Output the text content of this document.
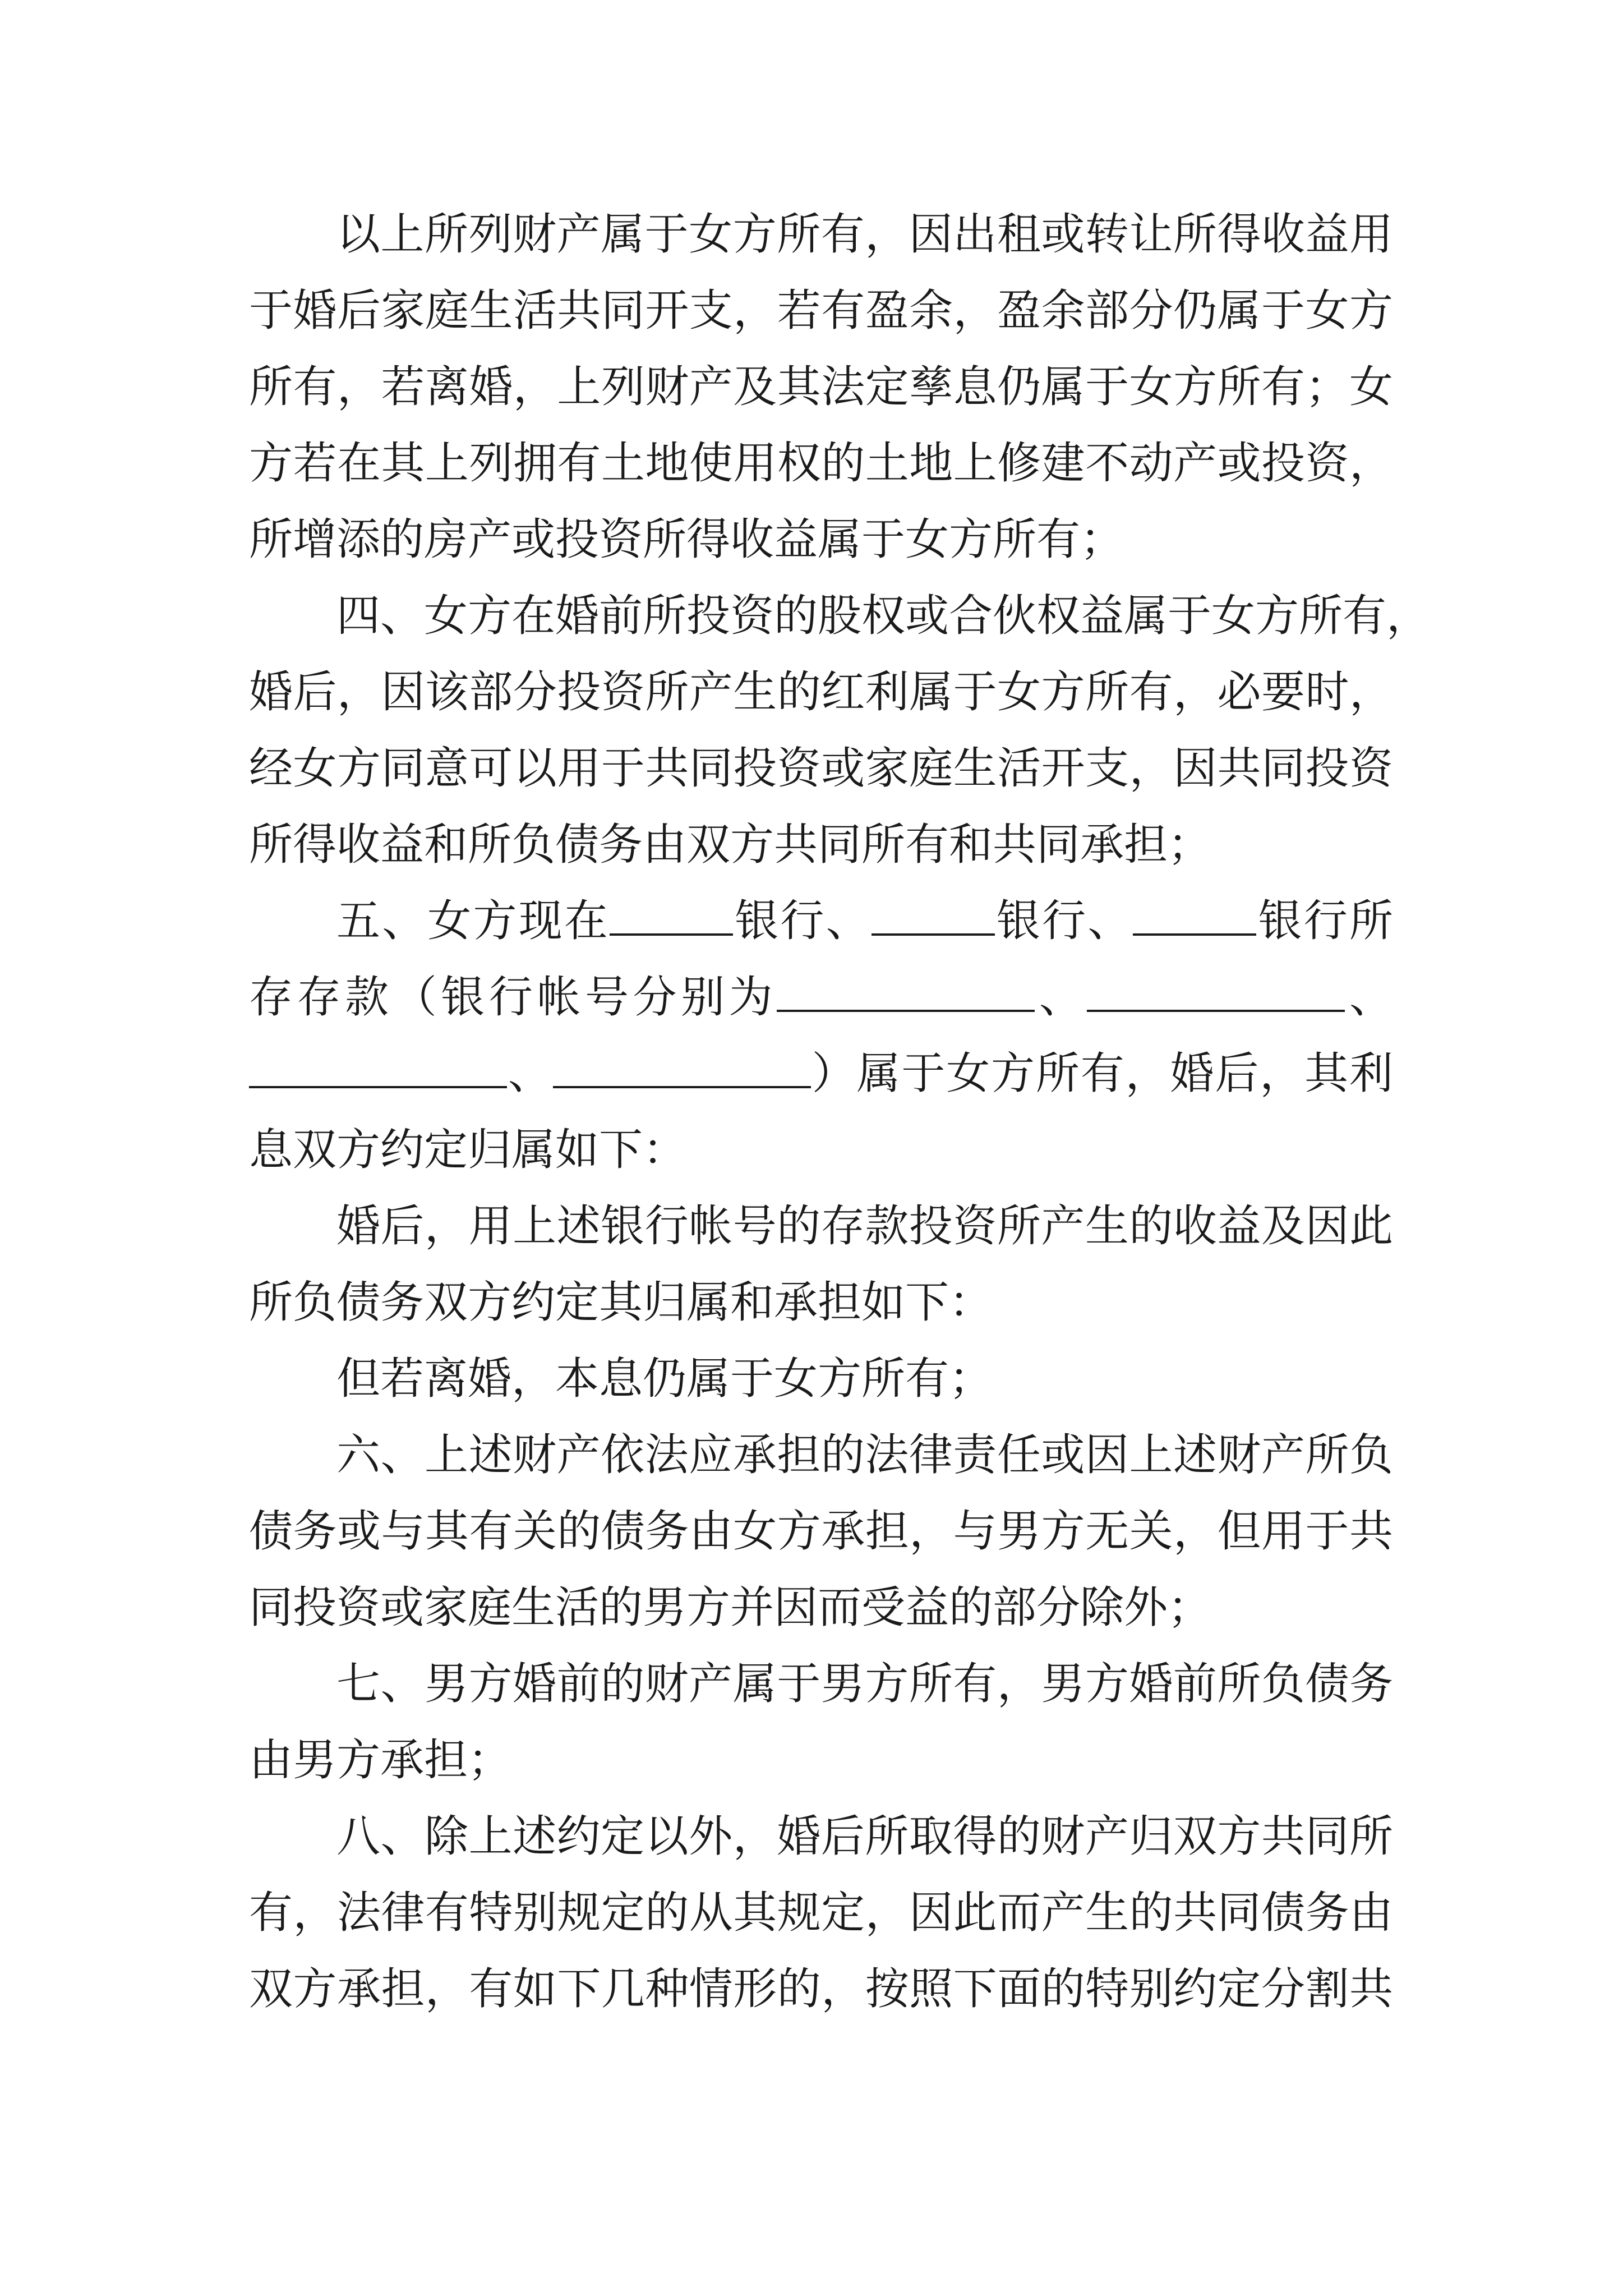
以上所列财产属于女方所有，因出租或转让所得收益用
于婚后家庭生活共同开支，若有盈余，盈余部分仍属于女方
所有，若离婚，上列财产及其法定孳息仍属于女方所有；女
方若在其上列拥有土地使用权的土地上修建不动产或投资，
所增添的房产或投资所得收益属于女方所有；
四、女方在婚前所投资的股权或合伙权益属于女方所有，
婚后，因该部分投资所产生的红利属于女方所有，必要时，
经女方同意可以用于共同投资或家庭生活开支，因共同投资
所得收益和所负债务由双方共同所有和共同承担；
五、女方现在	银行、	银行、	银行所
存存款（银行帐号分别为	、	、
、	）属于女方所有，婚后，其利
息双方约定归属如下：
婚后，用上述银行帐号的存款投资所产生的收益及因此
所负债务双方约定其归属和承担如下：
但若离婚，本息仍属于女方所有；
六、上述财产依法应承担的法律责任或因上述财产所负
债务或与其有关的债务由女方承担，与男方无关，但用于共
同投资或家庭生活的男方并因而受益的部分除外；
七、男方婚前的财产属于男方所有，男方婚前所负债务
由男方承担；
八、除上述约定以外，婚后所取得的财产归双方共同所
有，法律有特别规定的从其规定，因此而产生的共同债务由
双方承担，有如下几种情形的，按照下面的特别约定分割共
